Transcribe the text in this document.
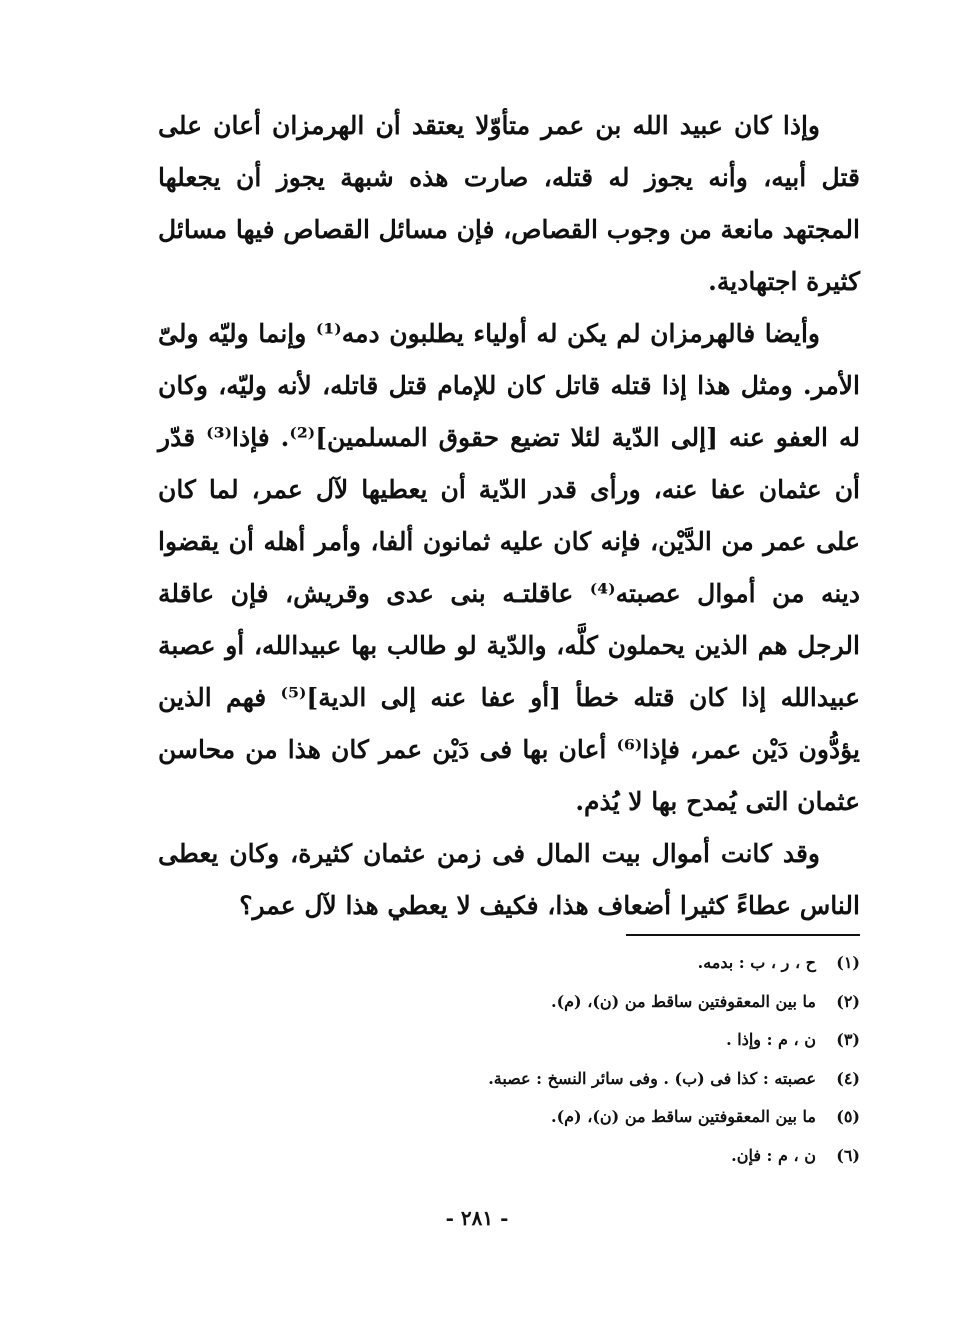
وإذا كان عبيد الله بن عمر متأوّلا يعتقد أن الهرمزان أعان على قتل أبيه، وأنه يجوز له قتله، صارت هذه شبهة يجوز أن يجعلها المجتهد مانعة من وجوب القصاص، فإن مسائل القصاص فيها مسائل كثيرة اجتهادية.

وأيضا فالهرمزان لم يكن له أولياء يطلبون دمه⁽¹⁾ وإنما وليّه ولىّ الأمر. ومثل هذا إذا قتله قاتل كان للإمام قتل قاتله، لأنه وليّه، وكان له العفو عنه [إلى الدّية لئلا تضيع حقوق المسلمين]⁽²⁾. فإذا⁽³⁾ قدّر أن عثمان عفا عنه، ورأى قدر الدّية أن يعطيها لآل عمر، لما كان على عمر من الدَّيْن، فإنه كان عليه ثمانون ألفا، وأمر أهله أن يقضوا دينه من أموال عصبته⁽⁴⁾ عاقلتـه بنى عدى وقريش، فإن عاقلة الرجل هم الذين يحملون كلَّه، والدّية لو طالب بها عبيدالله، أو عصبة عبيدالله إذا كان قتله خطأ [أو عفا عنه إلى الدية]⁽⁵⁾ فهم الذين يؤدُّون دَيْن عمر، فإذا⁽⁶⁾ أعان بها فى دَيْن عمر كان هذا من محاسن عثمان التى يُمدح بها لا يُذم.

وقد كانت أموال بيت المال فى زمن عثمان كثيرة، وكان يعطى الناس عطاءً كثيرا أضعاف هذا، فكيف لا يعطي هذا لآل عمر؟

(١)
ح ، ر ، ب : بدمه.
(٢)
ما بين المعقوفتين ساقط من (ن)، (م).
(٣)
ن ، م : وإذا .
(٤)
عصبته : كذا فى (ب) . وفى سائر النسخ : عصبة.
(٥)
ما بين المعقوفتين ساقط من (ن)، (م).
(٦)
ن ، م : فإن.
- ٢٨١ -
